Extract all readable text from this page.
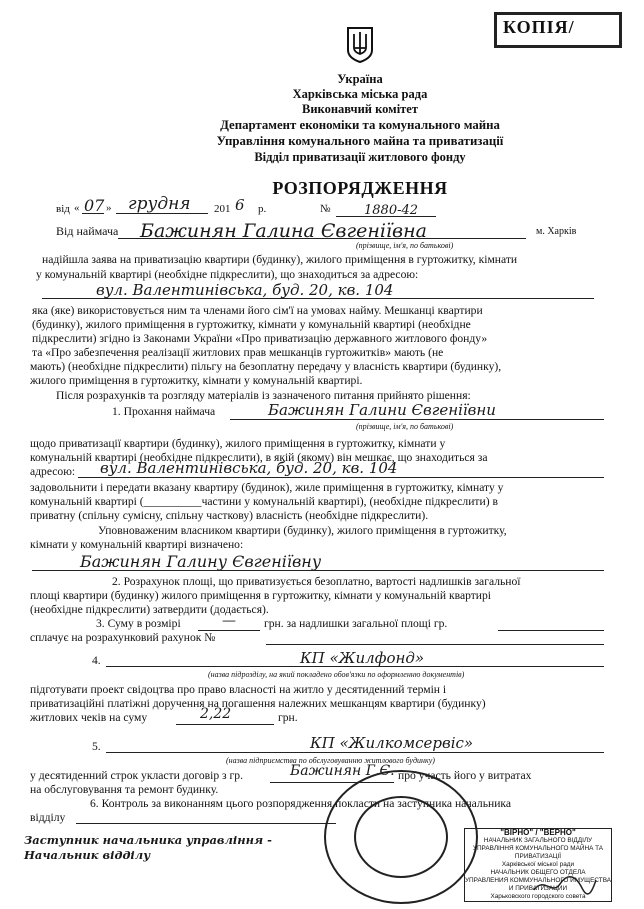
КОПІЯ/
Україна
Харківська міська рада
Виконавчий комітет
Департамент економіки та комунального майна
Управління комунального майна та приватизації
Відділ приватизації житлового фонду
РОЗПОРЯДЖЕННЯ
від « 07 » грудня 201 6 р.	№	1880-42
Від наймача Бажинян Галина Євгеніївна	м. Харків
(прізвище, ім'я, по батькові)
надійшла заява на приватизацію квартири (будинку), жилого приміщення в гуртожитку, кімнати
у комунальній квартирі (необхідне підкреслити), що знаходиться за адресою:
вул. Валентинівська, буд. 20, кв. 104
яка (яке) використовується ним та членами його сім'ї на умовах найму. Мешканці квартири
(будинку), жилого приміщення в гуртожитку, кімнати у комунальній квартирі (необхідне
підкреслити) згідно із Законами України «Про приватизацію державного житлового фонду»
та «Про забезпечення реалізації житлових прав мешканців гуртожитків» мають (не
мають) (необхідне підкреслити) пільгу на безоплатну передачу у власність квартири (будинку),
жилого приміщення в гуртожитку, кімнати у комунальній квартирі.
Після розрахунків та розгляду матеріалів із зазначеного питання прийнято рішення:
1. Прохання наймача	Бажинян Галини Євгеніївни
(прізвище, ім'я, по батькові)
щодо приватизації квартири (будинку), жилого приміщення в гуртожитку, кімнати у
комунальній квартирі (необхідне підкреслити), в якій (якому) він мешкає, що знаходиться за
адресою: вул. Валентинівська, буд. 20, кв. 104
задовольнити і передати вказану квартиру (будинок), жиле приміщення в гуртожитку, кімнату у
комунальній квартирі (__________частини у комунальній квартирі), (необхідне підкреслити) в
приватну (спільну сумісну, спільну часткову) власність (необхідне підкреслити).
Уповноваженим власником квартири (будинку), жилого приміщення в гуртожитку,
кімнати у комунальній квартирі визначено:
Бажинян Галину Євгеніївну
2. Розрахунок площі, що приватизується безоплатно, вартості надлишків загальної
площі квартири (будинку) жилого приміщення в гуртожитку, кімнати у комунальній квартирі
(необхідне підкреслити) затвердити (додається).
3. Суму в розмірі	— грн. за надлишки загальної площі гр.
сплачує на розрахунковий рахунок №
4.	КП «Жилфонд»
(назва підрозділу, на який покладено обов'язки по оформленню документів)
підготувати проект свідоцтва про право власності на житло у десятиденний термін і
приватизаційні платіжні доручення на погашення належних мешканцям квартири (будинку)
житлових чеків на суму	2,22	грн.
5.	КП «Жилкомсервіс»
(назва підприємства по обслуговуванню житлового будинку)
у десятиденний строк укласти договір з гр.	Бажинян Г.Є. про участь його у витратах
на обслуговування та ремонт будинку.
6. Контроль за виконанням цього розпорядження покласти на заступника начальника
відділу
Заступник начальника управління -
Начальник відділу
"ВІРНО" / "ВЕРНО"
НАЧАЛЬНИК ЗАГАЛЬНОГО ВІДДІЛУ
УПРАВЛІННЯ КОМУНАЛЬНОГО МАЙНА ТА ПРИВАТИЗАЦІЇ
Харківської міської ради
НАЧАЛЬНИК ОБЩЕГО ОТДЕЛА
УПРАВЛЕНИЯ КОММУНАЛЬНОГО ИМУЩЕСТВА И ПРИВАТИЗАЦИИ
Харьковского городского совета
